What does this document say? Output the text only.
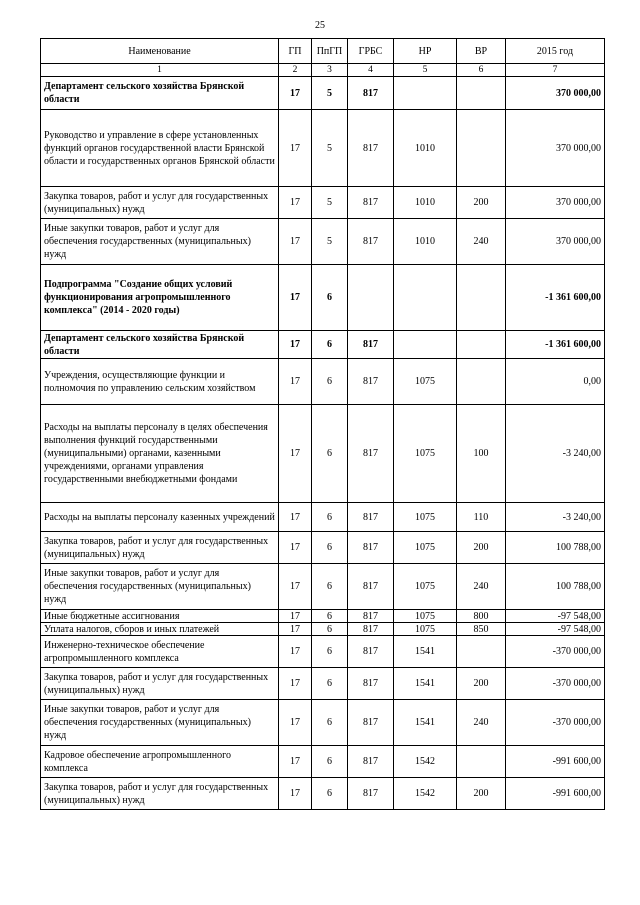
25
Наименование	ГП	ПпГП	ГРБС	НР	ВР	2015 год
1	2	3	4	5	6	7
Департамент сельского хозяйства Брянской области	17	5	817			370 000,00
Руководство и управление в сфере установленных функций органов государственной власти Брянской области и государственных органов Брянской области	17	5	817	1010		370 000,00
Закупка товаров, работ и услуг для государственных (муниципальных) нужд	17	5	817	1010	200	370 000,00
Иные закупки товаров, работ и услуг для обеспечения государственных (муниципальных) нужд	17	5	817	1010	240	370 000,00
Подпрограмма "Создание общих условий функционирования агропромышленного комплекса" (2014 - 2020 годы)	17	6				-1 361 600,00
Департамент сельского хозяйства Брянской области	17	6	817			-1 361 600,00
Учреждения, осуществляющие функции и полномочия по управлению сельским хозяйством	17	6	817	1075		0,00
Расходы на выплаты персоналу в целях обеспечения выполнения функций государственными (муниципальными) органами, казенными учреждениями, органами управления государственными внебюджетными фондами	17	6	817	1075	100	-3 240,00
Расходы на выплаты персоналу казенных учреждений	17	6	817	1075	110	-3 240,00
Закупка товаров, работ и услуг для государственных (муниципальных) нужд	17	6	817	1075	200	100 788,00
Иные закупки товаров, работ и услуг для обеспечения государственных (муниципальных) нужд	17	6	817	1075	240	100 788,00
Иные бюджетные ассигнования	17	6	817	1075	800	-97 548,00
Уплата налогов, сборов и иных платежей	17	6	817	1075	850	-97 548,00
Инженерно-техническое обеспечение агропромышленного комплекса	17	6	817	1541		-370 000,00
Закупка товаров, работ и услуг для государственных (муниципальных) нужд	17	6	817	1541	200	-370 000,00
Иные закупки товаров, работ и услуг для обеспечения государственных (муниципальных) нужд	17	6	817	1541	240	-370 000,00
Кадровое обеспечение агропромышленного комплекса	17	6	817	1542		-991 600,00
Закупка товаров, работ и услуг для государственных (муниципальных) нужд	17	6	817	1542	200	-991 600,00
